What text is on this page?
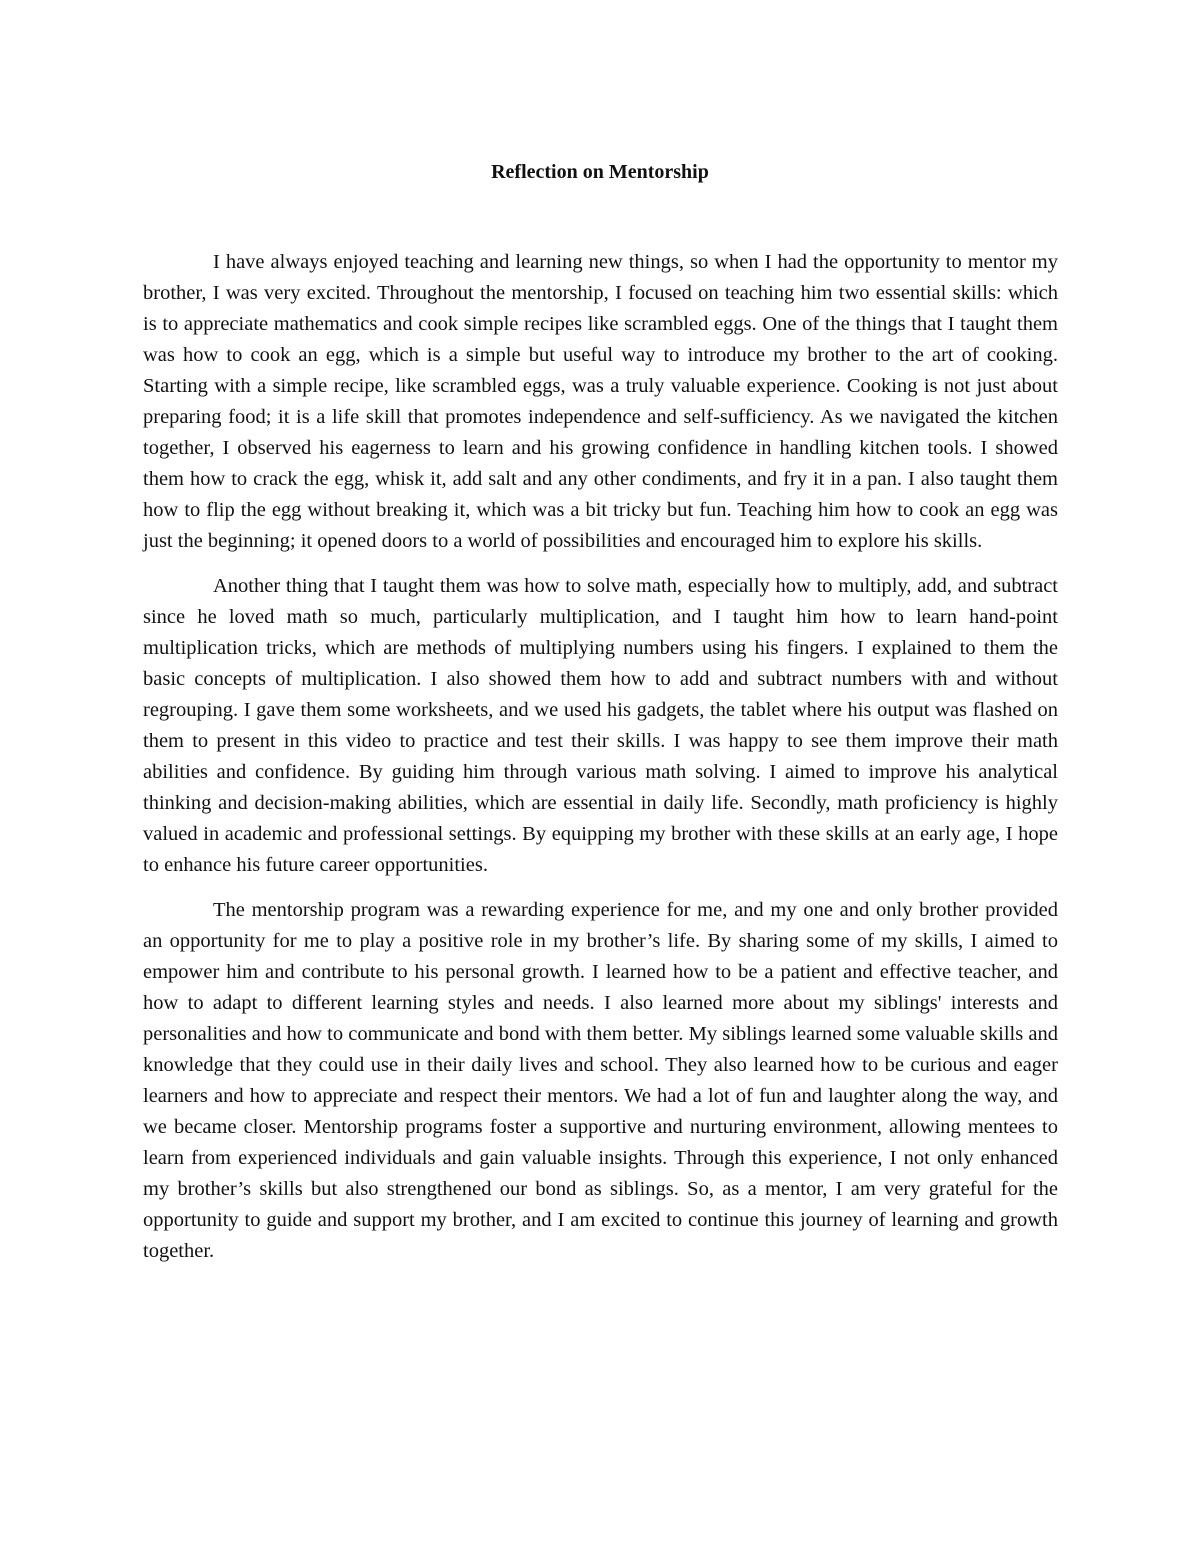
Reflection on Mentorship

I have always enjoyed teaching and learning new things, so when I had the opportunity to mentor my brother, I was very excited. Throughout the mentorship, I focused on teaching him two essential skills: which is to appreciate mathematics and cook simple recipes like scrambled eggs. One of the things that I taught them was how to cook an egg, which is a simple but useful way to introduce my brother to the art of cooking. Starting with a simple recipe, like scrambled eggs, was a truly valuable experience. Cooking is not just about preparing food; it is a life skill that promotes independence and self-sufficiency. As we navigated the kitchen together, I observed his eagerness to learn and his growing confidence in handling kitchen tools. I showed them how to crack the egg, whisk it, add salt and any other condiments, and fry it in a pan. I also taught them how to flip the egg without breaking it, which was a bit tricky but fun. Teaching him how to cook an egg was just the beginning; it opened doors to a world of possibilities and encouraged him to explore his skills.

Another thing that I taught them was how to solve math, especially how to multiply, add, and subtract since he loved math so much, particularly multiplication, and I taught him how to learn hand-point multiplication tricks, which are methods of multiplying numbers using his fingers. I explained to them the basic concepts of multiplication. I also showed them how to add and subtract numbers with and without regrouping. I gave them some worksheets, and we used his gadgets, the tablet where his output was flashed on them to present in this video to practice and test their skills. I was happy to see them improve their math abilities and confidence. By guiding him through various math solving. I aimed to improve his analytical thinking and decision-making abilities, which are essential in daily life. Secondly, math proficiency is highly valued in academic and professional settings. By equipping my brother with these skills at an early age, I hope to enhance his future career opportunities.

The mentorship program was a rewarding experience for me, and my one and only brother provided an opportunity for me to play a positive role in my brother’s life. By sharing some of my skills, I aimed to empower him and contribute to his personal growth. I learned how to be a patient and effective teacher, and how to adapt to different learning styles and needs. I also learned more about my siblings' interests and personalities and how to communicate and bond with them better. My siblings learned some valuable skills and knowledge that they could use in their daily lives and school. They also learned how to be curious and eager learners and how to appreciate and respect their mentors. We had a lot of fun and laughter along the way, and we became closer. Mentorship programs foster a supportive and nurturing environment, allowing mentees to learn from experienced individuals and gain valuable insights. Through this experience, I not only enhanced my brother’s skills but also strengthened our bond as siblings. So, as a mentor, I am very grateful for the opportunity to guide and support my brother, and I am excited to continue this journey of learning and growth together.
